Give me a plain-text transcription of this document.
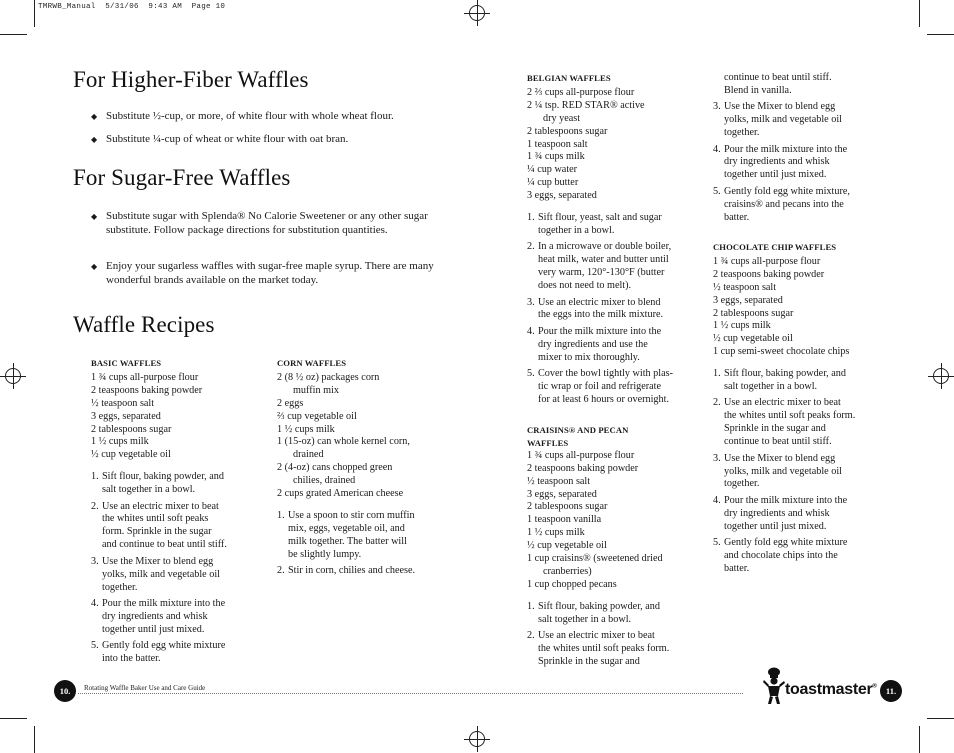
TMRWB_Manual  5/31/06  9:43 AM  Page 10
For Higher-Fiber Waffles
◆ Substitute ½-cup, or more, of white flour with whole wheat flour.
◆ Substitute ¼-cup of wheat or white flour with oat bran.
For Sugar-Free Waffles
◆ Substitute sugar with Splenda® No Calorie Sweetener or any other sugar substitute. Follow package directions for substitution quantities.
◆ Enjoy your sugarless waffles with sugar-free maple syrup. There are many wonderful brands available on the market today.
Waffle Recipes
BASIC WAFFLES
1 ¾ cups all-purpose flour
2 teaspoons baking powder
½ teaspoon salt
3 eggs, separated
2 tablespoons sugar
1 ½ cups milk
½ cup vegetable oil
1. Sift flour, baking powder, and
salt together in a bowl.
2. Use an electric mixer to beat
the whites until soft peaks
form. Sprinkle in the sugar
and continue to beat until stiff.
3. Use the Mixer to blend egg
yolks, milk and vegetable oil
together.
4. Pour the milk mixture into the
dry ingredients and whisk
together until just mixed.
5. Gently fold egg white mixture
into the batter.
CORN WAFFLES
2 (8 ½ oz) packages corn
muffin mix
2 eggs
⅔ cup vegetable oil
1 ½ cups milk
1 (15-oz) can whole kernel corn,
drained
2 (4-oz) cans chopped green
chilies, drained
2 cups grated American cheese
1. Use a spoon to stir corn muffin
mix, eggs, vegetable oil, and
milk together. The batter will
be slightly lumpy.
2. Stir in corn, chilies and cheese.
BELGIAN WAFFLES
2 ⅔ cups all-purpose flour
2 ¼ tsp. RED STAR® active
dry yeast
2 tablespoons sugar
1 teaspoon salt
1 ¾ cups milk
¼ cup water
¼ cup butter
3 eggs, separated
1. Sift flour, yeast, salt and sugar
together in a bowl.
2. In a microwave or double boiler,
heat milk, water and butter until
very warm, 120°-130°F (butter
does not need to melt).
3. Use an electric mixer to blend
the eggs into the milk mixture.
4. Pour the milk mixture into the
dry ingredients and use the
mixer to mix thoroughly.
5. Cover the bowl tightly with plas-
tic wrap or foil and refrigerate
for at least 6 hours or overnight.
CRAISINS® AND PECAN
WAFFLES
1 ¾ cups all-purpose flour
2 teaspoons baking powder
½ teaspoon salt
3 eggs, separated
2 tablespoons sugar
1 teaspoon vanilla
1 ½ cups milk
½ cup vegetable oil
1 cup craisins® (sweetened dried
cranberries)
1 cup chopped pecans
1. Sift flour, baking powder, and
salt together in a bowl.
2. Use an electric mixer to beat
the whites until soft peaks form.
Sprinkle in the sugar and
continue to beat until stiff.
Blend in vanilla.
3. Use the Mixer to blend egg
yolks, milk and vegetable oil
together.
4. Pour the milk mixture into the
dry ingredients and whisk
together until just mixed.
5. Gently fold egg white mixture,
craisins® and pecans into the
batter.
CHOCOLATE CHIP WAFFLES
1 ¾ cups all-purpose flour
2 teaspoons baking powder
½ teaspoon salt
3 eggs, separated
2 tablespoons sugar
1 ½ cups milk
½ cup vegetable oil
1 cup semi-sweet chocolate chips
1. Sift flour, baking powder, and
salt together in a bowl.
2. Use an electric mixer to beat
the whites until soft peaks form.
Sprinkle in the sugar and
continue to beat until stiff.
3. Use the Mixer to blend egg
yolks, milk and vegetable oil
together.
4. Pour the milk mixture into the
dry ingredients and whisk
together until just mixed.
5. Gently fold egg white mixture
and chocolate chips into the
batter.
10.	Rotating Waffle Baker Use and Care Guide	toastmaster®	11.
